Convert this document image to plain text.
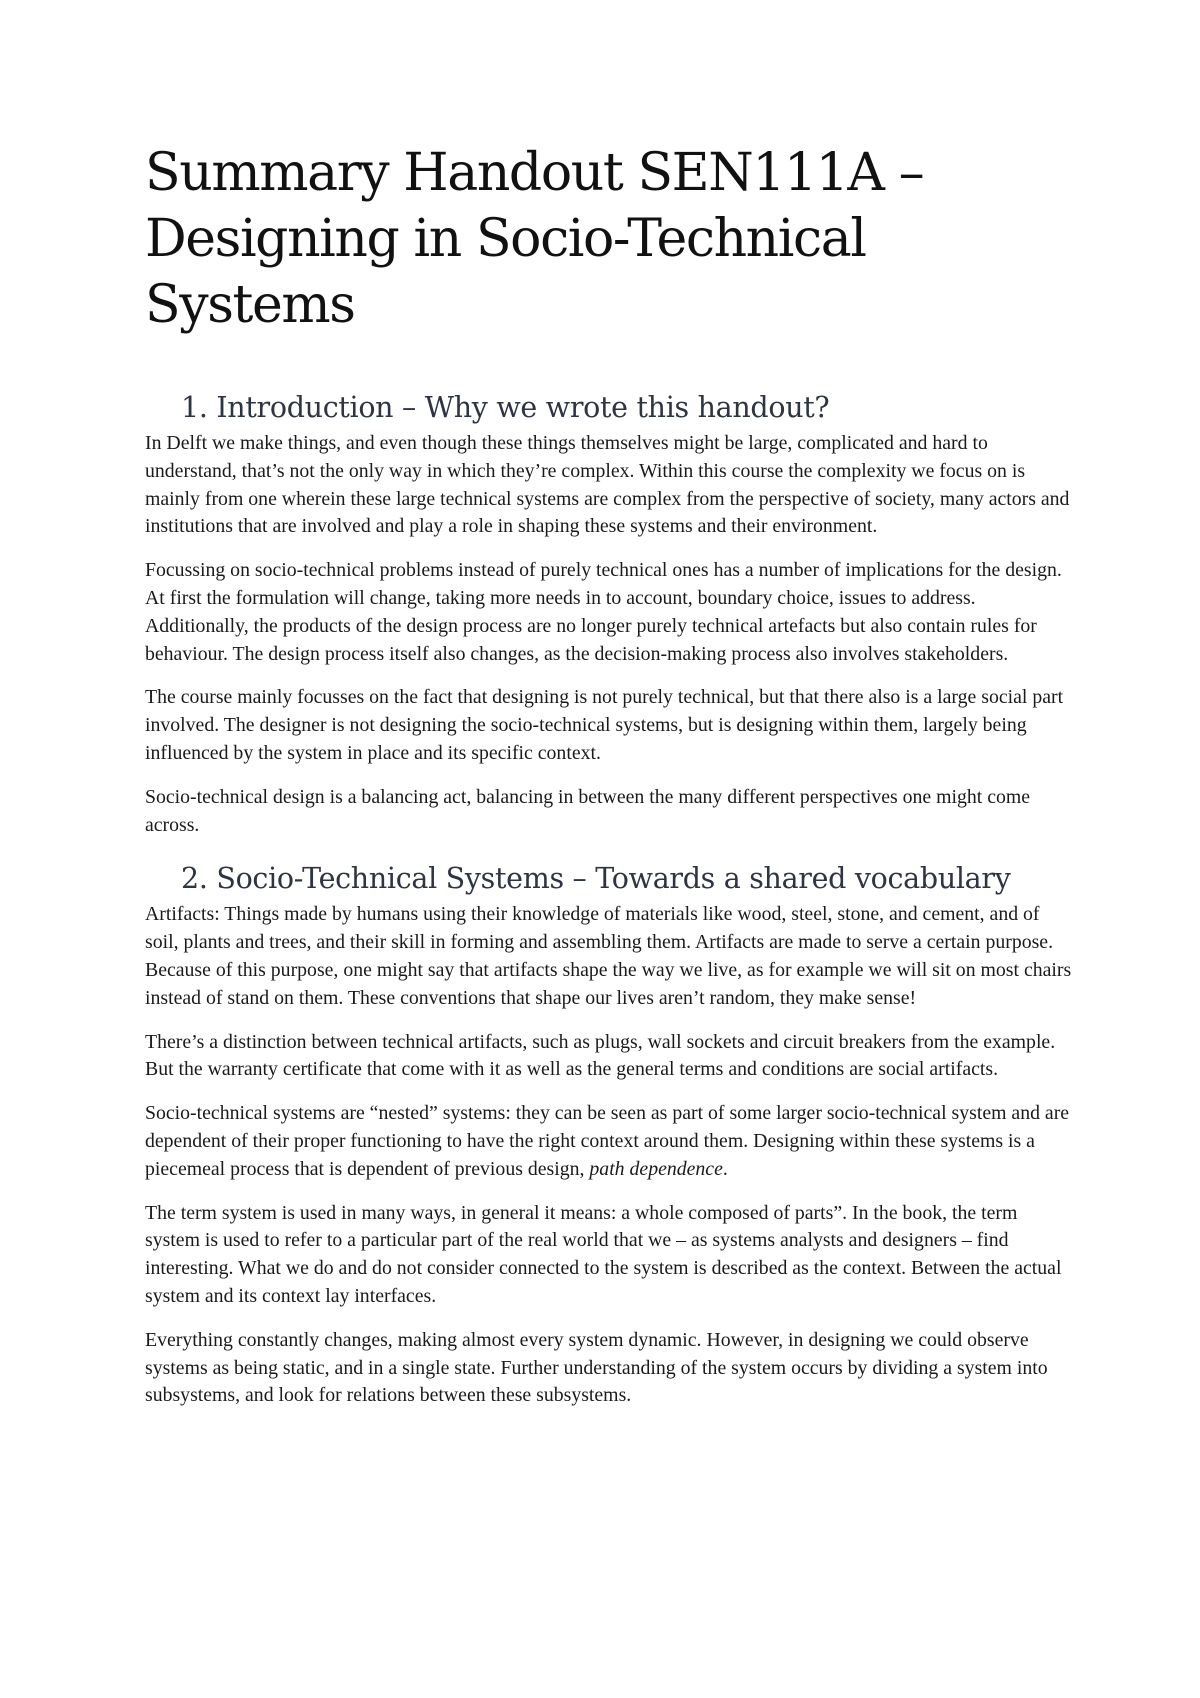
Summary Handout SEN111A – Designing in Socio-Technical Systems
1. Introduction – Why we wrote this handout?

In Delft we make things, and even though these things themselves might be large, complicated and hard to understand, that’s not the only way in which they’re complex. Within this course the complexity we focus on is mainly from one wherein these large technical systems are complex from the perspective of society, many actors and institutions that are involved and play a role in shaping these systems and their environment.

Focussing on socio-technical problems instead of purely technical ones has a number of implications for the design. At first the formulation will change, taking more needs in to account, boundary choice, issues to address. Additionally, the products of the design process are no longer purely technical artefacts but also contain rules for behaviour. The design process itself also changes, as the decision-making process also involves stakeholders.

The course mainly focusses on the fact that designing is not purely technical, but that there also is a large social part involved. The designer is not designing the socio-technical systems, but is designing within them, largely being influenced by the system in place and its specific context.

Socio-technical design is a balancing act, balancing in between the many different perspectives one might come across.

2. Socio-Technical Systems – Towards a shared vocabulary

Artifacts: Things made by humans using their knowledge of materials like wood, steel, stone, and cement, and of soil, plants and trees, and their skill in forming and assembling them. Artifacts are made to serve a certain purpose. Because of this purpose, one might say that artifacts shape the way we live, as for example we will sit on most chairs instead of stand on them. These conventions that shape our lives aren’t random, they make sense!

There’s a distinction between technical artifacts, such as plugs, wall sockets and circuit breakers from the example. But the warranty certificate that come with it as well as the general terms and conditions are social artifacts.

Socio-technical systems are “nested” systems: they can be seen as part of some larger socio-technical system and are dependent of their proper functioning to have the right context around them. Designing within these systems is a piecemeal process that is dependent of previous design, path dependence.

The term system is used in many ways, in general it means: a whole composed of parts”. In the book, the term system is used to refer to a particular part of the real world that we – as systems analysts and designers – find interesting. What we do and do not consider connected to the system is described as the context. Between the actual system and its context lay interfaces.

Everything constantly changes, making almost every system dynamic. However, in designing we could observe systems as being static, and in a single state. Further understanding of the system occurs by dividing a system into subsystems, and look for relations between these subsystems.
